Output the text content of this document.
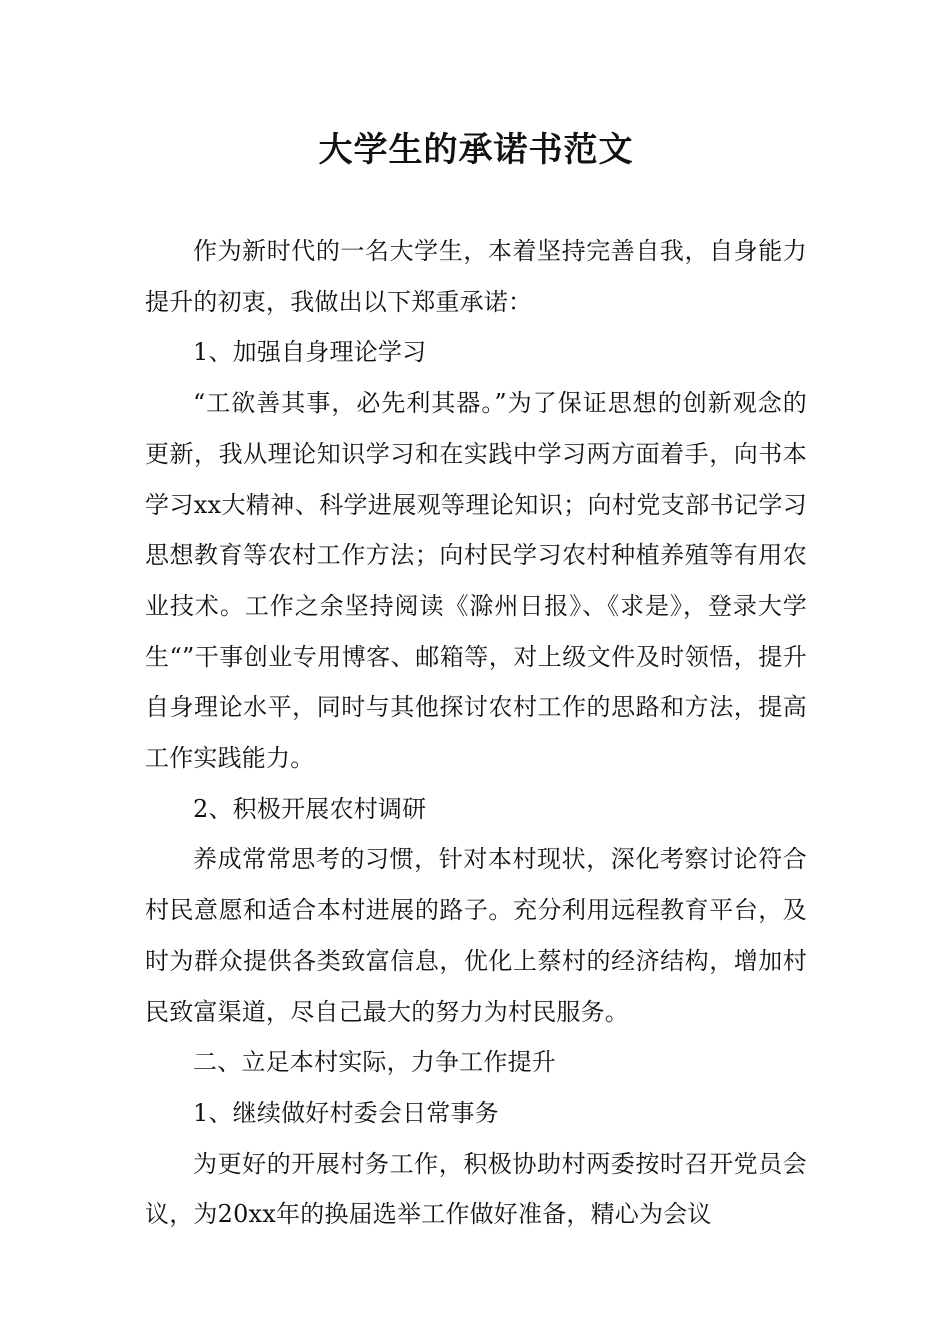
大学生的承诺书范文

作为新时代的一名大学生，本着坚持完善自我，自身能力提升的初衷，我做出以下郑重承诺：

1、加强自身理论学习

“工欲善其事，必先利其器。”为了保证思想的创新观念的更新，我从理论知识学习和在实践中学习两方面着手，向书本学习xx大精神、科学进展观等理论知识；向村党支部书记学习思想教育等农村工作方法；向村民学习农村种植养殖等有用农业技术。工作之余坚持阅读《滁州日报》、《求是》，登录大学生“”干事创业专用博客、邮箱等，对上级文件及时领悟，提升自身理论水平，同时与其他探讨农村工作的思路和方法，提高工作实践能力。

2、积极开展农村调研

养成常常思考的习惯，针对本村现状，深化考察讨论符合村民意愿和适合本村进展的路子。充分利用远程教育平台，及时为群众提供各类致富信息，优化上蔡村的经济结构，增加村民致富渠道，尽自己最大的努力为村民服务。

二、立足本村实际，力争工作提升

1、继续做好村委会日常事务

为更好的开展村务工作，积极协助村两委按时召开党员会议，为20xx年的换届选举工作做好准备，精心为会议
